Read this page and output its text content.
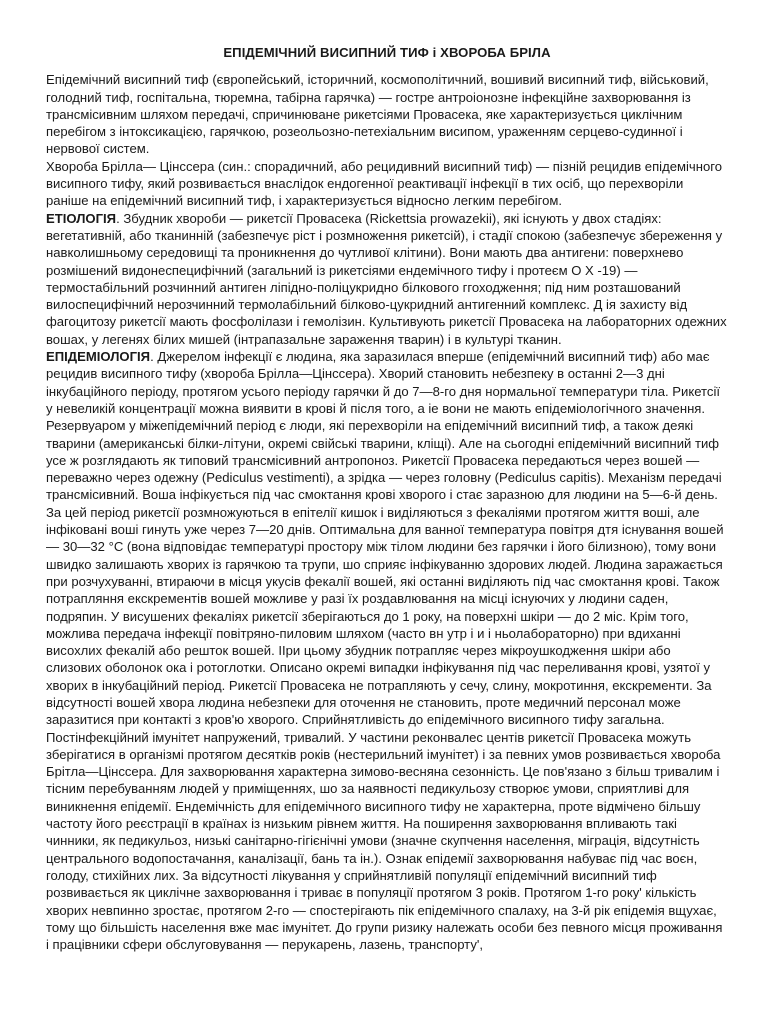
ЕПІДЕМІЧНИЙ ВИСИПНИЙ ТИФ і ХВОРОБА БРІЛА

Епідемічний висипний тиф (європейський, історичний, космополітичний, вошивий висипний тиф, військовий, голодний тиф, госпітальна, тюремна, табірна гарячка) — гостре антроіонозне інфекційне захворювання із трансмісивним шляхом передачі, спричинюване рикетсіями Провасека, яке характеризується циклічним перебігом з інтоксикацією, гарячкою, розеольозно-петехіальним висипом, ураженням серцево-судинної і нервової систем.

Хвороба Брілла— Цінссера (син.: спорадичний, або рецидивний висипний тиф) — пізній рецидив епідемічного висипного тифу, який розвивається внаслідок ендогенної реактивації інфекції в тих осіб, що перехворіли раніше на епідемічний висипний тиф, і характеризується відносно легким перебігом.

ЕТІОЛОГІЯ. Збудник хвороби — рикетсії Провасека (Rickettsia prowazekii), які існують у двох стадіях: вегетативній, або тканинній (забезпечує ріст і розмноження рикетсій), і стадії спокою (забезпечує збереження у навколишньому середовищі та проникнення до чутливої клітини). Вони мають два антигени: поверхнево розмішений видонеспецифічний (загальний із рикетсіями ендемічного тифу і протеєм О Х -19) — термостабільний розчинний антиген ліпідно-поліцукридно білкового ггоходження; під ним розташований вилоспецифічний нерозчинний термолабільний білково-цукридний антигенний комплекс. Д ія захисту від фагоцитозу рикетсії мають фосфолілази і гемолізин. Культивують рикетсії Провасека на лабораторних одежних вошах, у легенях білих мишей (інтрапазальне зараження тварин) і в культурі тканин.

ЕПІДЕМІОЛОГІЯ. Джерелом інфекції є людина, яка заразилася вперше (епідемічний висипний тиф) або має рецидив висипного тифу (хвороба Брілла—Цінссера). Хворий становить небезпеку в останні 2—3 дні інкубаційного періоду, протягом усього періоду гарячки й до 7—8-го дня нормальної температури тіла. Рикетсії у невеликій концентрації можна виявити в крові й після того, а іе вони не мають епідеміологічного значення. Резервуаром у міжепідемічний період є люди, які перехворіли на епідемічний висипний тиф, а також деякі тварини (американські білки-літуни, окремі свійські тварини, кліщі). Але на сьогодні епідемічний висипний тиф усе ж розглядають як типовий трансмісивний антропоноз. Рикетсії Провасека передаються через вошей — переважно через одежну (Pediculus vestimenti), а зрідка — через головну (Pediculus capitis). Механізм передачі трансмісивний. Воша інфікується під час смоктання крові хворого і стає заразною для людини на 5—6-й день. За цей період рикетсії розмножуються в епітелії кишок і виділяються з фекаліями протягом життя воші, але інфіковані воші гинуть уже через 7—20 днів. Оптимальна для ванної температура повітря дтя існування вошей — 30—32 °С (вона відповідає температурі простору між тілом людини без гарячки і його білизною), тому вони швидко залишають хворих із гарячкою та трупи, шо сприяє інфікуванню здорових людей. Людина заражається при розчухуванні, втираючи в місця укусів фекалії вошей, які останні виділяють під час смоктання крові. Також потрапляння екскрементів вошей можливе у разі їх роздавлювання на місці існуючих у людини саден, подряпин. У висушених фекаліях рикетсії зберігаються до 1 року, на поверхні шкіри — до 2 міс. Крім того, можлива передача інфекції повітряно-пиловим шляхом (часто вн утр і и і ньолабораторно) при вдиханні висохлих фекалій або решток вошей. ІІри цьому збудник потрапляє через мікроушкодження шкіри або слизових оболонок ока і ротоглотки. Описано окремі випадки інфікування під час переливання крові, узятої у хворих в інкубаційний період. Рикетсії Провасека не потрапляють у сечу, слину, мокротиння, екскременти. За відсутності вошей хвора людина небезпеки для оточення не становить, проте медичний персонал може заразитися при контакті з кров'ю хворого. Сприйнятливість до епідемічного висипного тифу загальна. Постінфекційний імунітет напружений, тривалий. У частини реконвалес центів рикетсії Провасека можуть зберігатися в організмі протягом десятків років (нестерильний імунітет) і за певних умов розвивається хвороба Брітла—Цінссера. Для захворювання характерна зимово-весняна сезонність. Це пов'язано з більш тривалим і тісним перебуванням людей у приміщеннях, шо за наявності педикульозу створює умови, сприятливі для виникнення епідемії. Ендемічність для епідемічного висипного тифу не характерна, проте відмічено більшу частоту його реєстрації в країнах із низьким рівнем життя. На поширення захворювання впливають такі чинники, як педикульоз, низькі санітарно-гігієнічні умови (значне скупчення населення, міграція, відсутність центрального водопостачання, каналізації, бань та ін.). Ознак епідемії захворювання набуває під час воєн, голоду, стихійних лих. За відсутності лікування у сприйнятливій популяції епідемічний висипний тиф розвивається як циклічне захворювання і триває в популяції протягом 3 років. Протягом 1-го року' кількість хворих невпинно зростає, протягом 2-го — спостерігають пік епідемічного спалаху, на 3-й рік епідемія вщухає, тому що більшість населення вже має імунітет. До групи ризику належать особи без певного місця проживання і працівники сфери обслуговування — перукарень, лазень, транспорту',
